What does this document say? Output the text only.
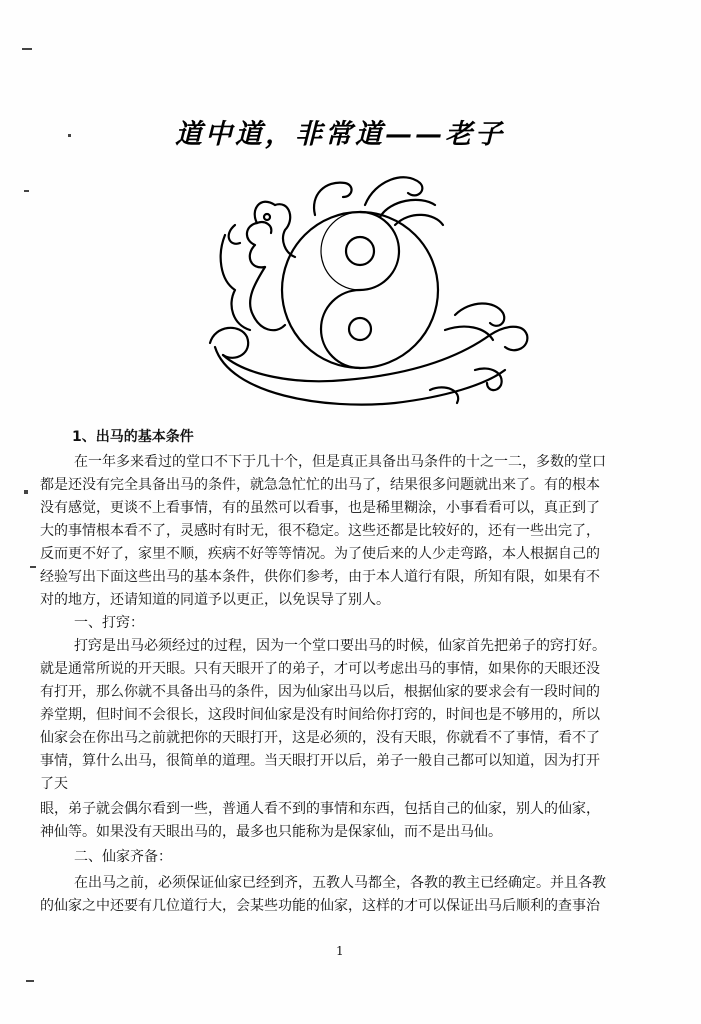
道中道，非常道——老子
1、出马的基本条件
在一年多来看过的堂口不下于几十个，但是真正具备出马条件的十之一二，多数的堂口
都是还没有完全具备出马的条件，就急急忙忙的出马了，结果很多问题就出来了。有的根本
没有感觉，更谈不上看事情，有的虽然可以看事，也是稀里糊涂，小事看看可以，真正到了
大的事情根本看不了，灵感时有时无，很不稳定。这些还都是比较好的，还有一些出完了，
反而更不好了，家里不顺，疾病不好等等情况。为了使后来的人少走弯路，本人根据自己的
经验写出下面这些出马的基本条件，供你们参考，由于本人道行有限，所知有限，如果有不
对的地方，还请知道的同道予以更正，以免误导了别人。
一、打窍：
打窍是出马必须经过的过程，因为一个堂口要出马的时候，仙家首先把弟子的窍打好。
就是通常所说的开天眼。只有天眼开了的弟子，才可以考虑出马的事情，如果你的天眼还没
有打开，那么你就不具备出马的条件，因为仙家出马以后，根据仙家的要求会有一段时间的
养堂期，但时间不会很长，这段时间仙家是没有时间给你打窍的，时间也是不够用的，所以
仙家会在你出马之前就把你的天眼打开，这是必须的，没有天眼，你就看不了事情，看不了
事情，算什么出马，很简单的道理。当天眼打开以后，弟子一般自己都可以知道，因为打开
了天
眼，弟子就会偶尔看到一些，普通人看不到的事情和东西，包括自己的仙家，别人的仙家，
神仙等。如果没有天眼出马的，最多也只能称为是保家仙，而不是出马仙。
二、仙家齐备：
在出马之前，必须保证仙家已经到齐，五教人马都全，各教的教主已经确定。并且各教
的仙家之中还要有几位道行大，会某些功能的仙家，这样的才可以保证出马后顺利的查事治
1
